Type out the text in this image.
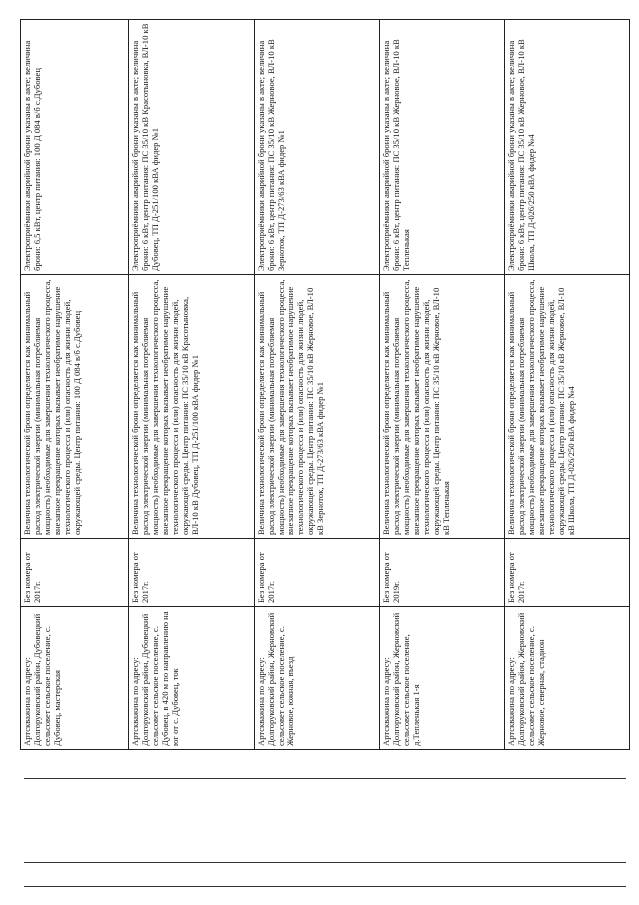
Артскважина по адресу: Долгоруковский район, Дубовецкий сельсовет сельское поселение, с. Дубовец, мастерская	Без номера от 2017г.	Величина технологической брони определяется как минимальный расход электрической энергии (минимальная потребляемая мощность) необходимые для завершения технологического процесса, внезапное прекращение которых вызывает необратимое нарушение технологического процесса и (или) опасность для жизни людей, окружающей среды. Центр питания: 100 Д 084 в/б с.Дубовец	Электроприёмники аварийной брони указаны в акте; величина брони: 6,5 кВт, центр питания: 100 Д 084 в/б с.Дубовец
Артскважина по адресу: Долгоруковский район, Дубовецкий сельсовет сельское поселение, с. Дубовец, в 420 м по направлению на юг от с. Дубовец, ток	Без номера от 2017г.	Величина технологической брони определяется как минимальный расход электрической энергии (минимальная потребляемая мощность) необходимые для завершения технологического процесса, внезапное прекращение которых вызывает необратимое нарушение технологического процесса и (или) опасность для жизни людей, окружающей среды. Центр питания: ПС 35/10 кВ Красотыновка, ВЛ-10 кВ Дубовец, ТП Д-251/100 кВА фидер №1	Электроприёмники аварийной брони указаны в акте; величина брони: 6 кВт, центр питания: ПС 35/10 кВ Красотыновка, ВЛ-10 кВ Дубовец, ТП Д-251/100 кВА фидер №1
Артскважина по адресу: Долгоруковский район, Жерновский сельсовет сельское поселение, с. Жерновое, южная, въезд	Без номера от 2017г.	Величина технологической брони определяется как минимальный расход электрической энергии (минимальная потребляемая мощность) необходимые для завершения технологического процесса, внезапное прекращение которых вызывает необратимое нарушение технологического процесса и (или) опасность для жизни людей, окружающей среды. Центр питания: ПС 35/10 кВ Жерновое, ВЛ-10 кВ Зерноток, ТП Д-273/63 кВА фидер №1	Электроприёмники аварийной брони указаны в акте; величина брони: 6 кВт, центр питания: ПС 35/10 кВ Жерновое, ВЛ-10 кВ Зерноток, ТП Д-273/63 кВА фидер №1
Артскважина по адресу: Долгоруковский район, Жерновский сельсовет сельское поселение, д.Тепленькая 1-я	Без номера от 2019г.	Величина технологической брони определяется как минимальный расход электрической энергии (минимальная потребляемая мощность) необходимые для завершения технологического процесса, внезапное прекращение которых вызывает необратимое нарушение технологического процесса и (или) опасность для жизни людей, окружающей среды. Центр питания: ПС 35/10 кВ Жерновое, ВЛ-10 кВ Тепленькая	Электроприёмники аварийной брони указаны в акте; величина брони: 6 кВт, центр питания: ПС 35/10 кВ Жерновое, ВЛ-10 кВ Тепленькая
Артскважина по адресу: Долгоруковский район, Жерновский сельсовет сельское поселение, с. Жерновое, северная, стадион	Без номера от 2017г.	Величина технологической брони определяется как минимальный расход электрической энергии (минимальная потребляемая мощность) необходимые для завершения технологического процесса, внезапное прекращение которых вызывает необратимое нарушение технологического процесса и (или) опасность для жизни людей, окружающей среды. Центр питания: ПС 35/10 кВ Жерновое, ВЛ-10 кВ Школа, ТП Д-026/250 кВА фидер №4	Электроприёмники аварийной брони указаны в акте; величина брони: 6 кВт, центр питания: ПС 35/10 кВ Жерновое, ВЛ-10 кВ Школа, ТП Д-026/250 кВА фидер №4
